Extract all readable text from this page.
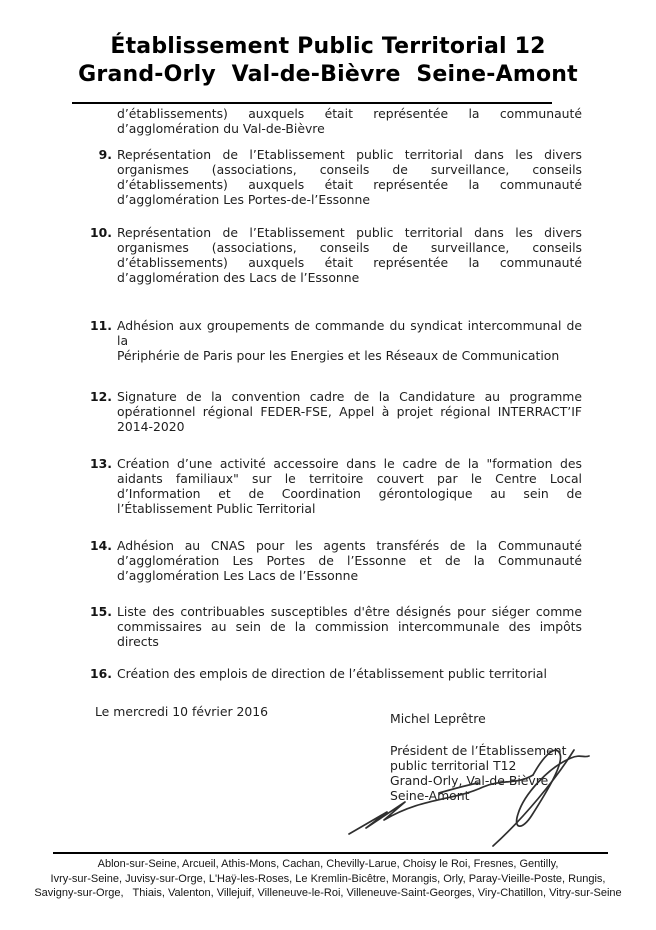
Établissement Public Territorial 12
Grand-Orly  Val-de-Bièvre  Seine-Amont
d’établissements) auxquels était représentée la communauté
d’agglomération du Val-de-Bièvre
9. Représentation de l’Etablissement public territorial dans les divers
organismes (associations, conseils de surveillance, conseils
d’établissements) auxquels était représentée la communauté
d’agglomération Les Portes-de-l’Essonne
10. Représentation de l’Etablissement public territorial dans les divers
organismes (associations, conseils de surveillance, conseils
d’établissements) auxquels était représentée la communauté
d’agglomération des Lacs de l’Essonne
11. Adhésion aux groupements de commande du syndicat intercommunal de la
Périphérie de Paris pour les Energies et les Réseaux de Communication
12. Signature de la convention cadre de la Candidature au programme
opérationnel régional FEDER-FSE, Appel à projet régional INTERRACT’IF
2014-2020
13. Création d’une activité accessoire dans le cadre de la "formation des
aidants familiaux" sur le territoire couvert par le Centre Local
d’Information et de Coordination gérontologique au sein de
l’Établissement Public Territorial
14. Adhésion au CNAS pour les agents transférés de la Communauté
d’agglomération Les Portes de l’Essonne et de la Communauté
d’agglomération Les Lacs de l’Essonne
15. Liste des contribuables susceptibles d'être désignés pour siéger comme
commissaires au sein de la commission intercommunale des impôts
directs
16. Création des emplois de direction de l’établissement public territorial
Le mercredi 10 février 2016	Michel Leprêtre
Président de l’Établissement
public territorial T12
Grand-Orly, Val-de-Bièvre,
Seine-Amont
Ablon-sur-Seine, Arcueil, Athis-Mons, Cachan, Chevilly-Larue, Choisy le Roi, Fresnes, Gentilly,
Ivry-sur-Seine, Juvisy-sur-Orge, L'Haÿ-les-Roses, Le Kremlin-Bicêtre, Morangis, Orly, Paray-Vieille-Poste, Rungis,
Savigny-sur-Orge,   Thiais, Valenton, Villejuif, Villeneuve-le-Roi, Villeneuve-Saint-Georges, Viry-Chatillon, Vitry-sur-Seine
